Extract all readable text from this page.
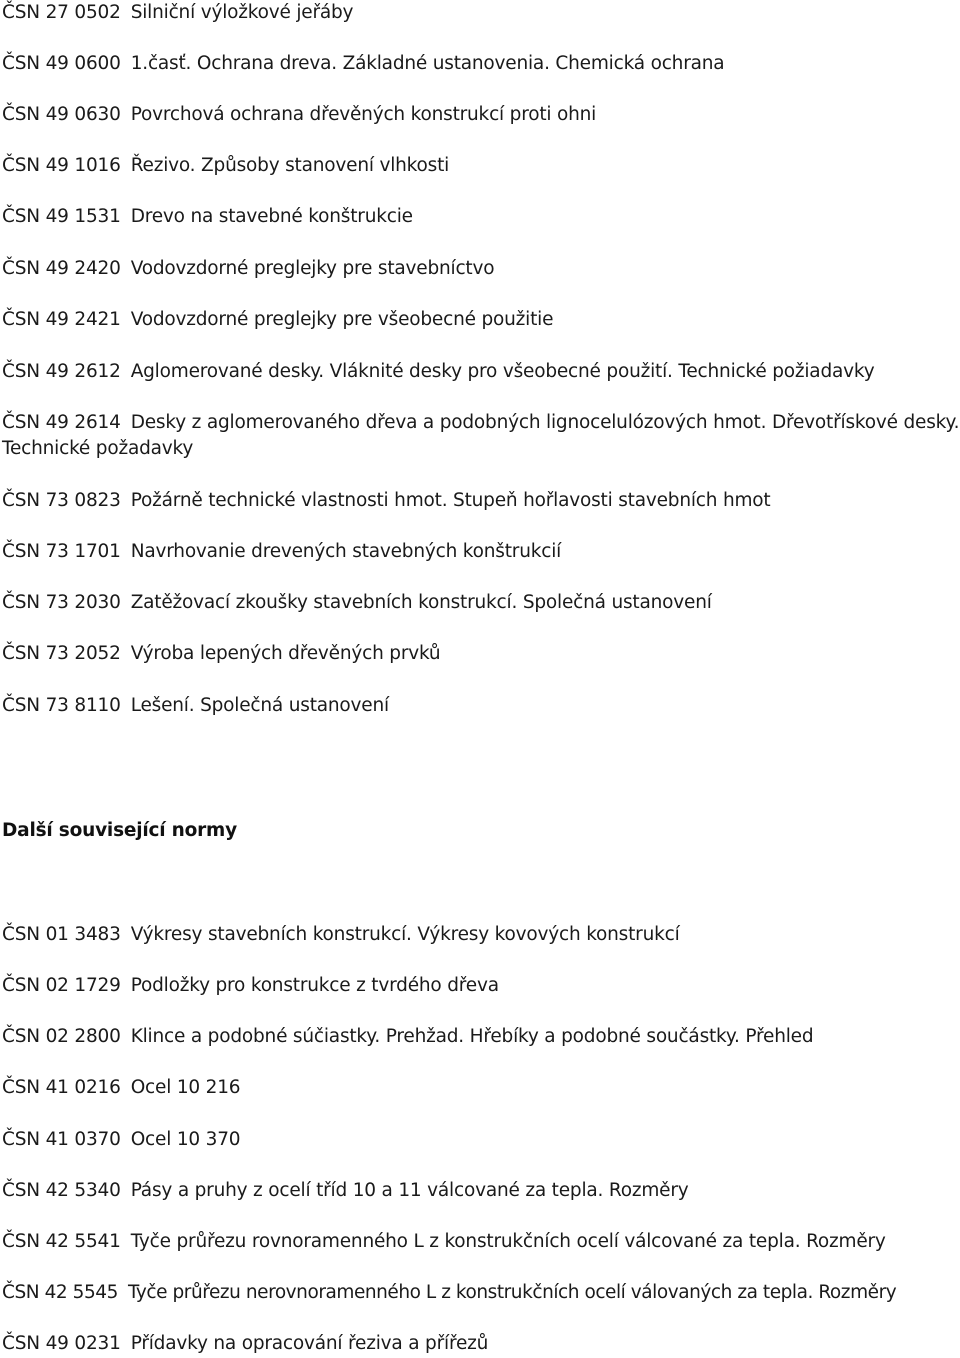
ČSN 27 0502 Silniční výložkové jeřáby
ČSN 49 0600 1.časť. Ochrana dreva. Základné ustanovenia. Chemická ochrana
ČSN 49 0630 Povrchová ochrana dřevěných konstrukcí proti ohni
ČSN 49 1016 Řezivo. Způsoby stanovení vlhkosti
ČSN 49 1531 Drevo na stavebné konštrukcie
ČSN 49 2420 Vodovzdorné preglejky pre stavebníctvo
ČSN 49 2421 Vodovzdorné preglejky pre všeobecné použitie
ČSN 49 2612 Aglomerované desky. Vláknité desky pro všeobecné použití. Technické požiadavky
ČSN 49 2614 Desky z aglomerovaného dřeva a podobných lignocelulózových hmot. Dřevotřískové desky. Technické požadavky
ČSN 73 0823 Požárně technické vlastnosti hmot. Stupeň hořlavosti stavebních hmot
ČSN 73 1701 Navrhovanie drevených stavebných konštrukcií
ČSN 73 2030 Zatěžovací zkoušky stavebních konstrukcí. Společná ustanovení
ČSN 73 2052 Výroba lepených dřevěných prvků
ČSN 73 8110 Lešení. Společná ustanovení
Další související normy
ČSN 01 3483 Výkresy stavebních konstrukcí. Výkresy kovových konstrukcí
ČSN 02 1729 Podložky pro konstrukce z tvrdého dřeva
ČSN 02 2800 Klince a podobné súčiastky. Prehžad. Hřebíky a podobné součástky. Přehled
ČSN 41 0216 Ocel 10 216
ČSN 41 0370 Ocel 10 370
ČSN 42 5340 Pásy a pruhy z ocelí tříd 10 a 11 válcované za tepla. Rozměry
ČSN 42 5541 Tyče průřezu rovnoramenného L z konstrukčních ocelí válcované za tepla. Rozměry
ČSN 42 5545 Tyče průřezu nerovnoramenného L z konstrukčních ocelí válovaných za tepla. Rozměry
ČSN 49 0231 Přídavky na opracování řeziva a přířezů
